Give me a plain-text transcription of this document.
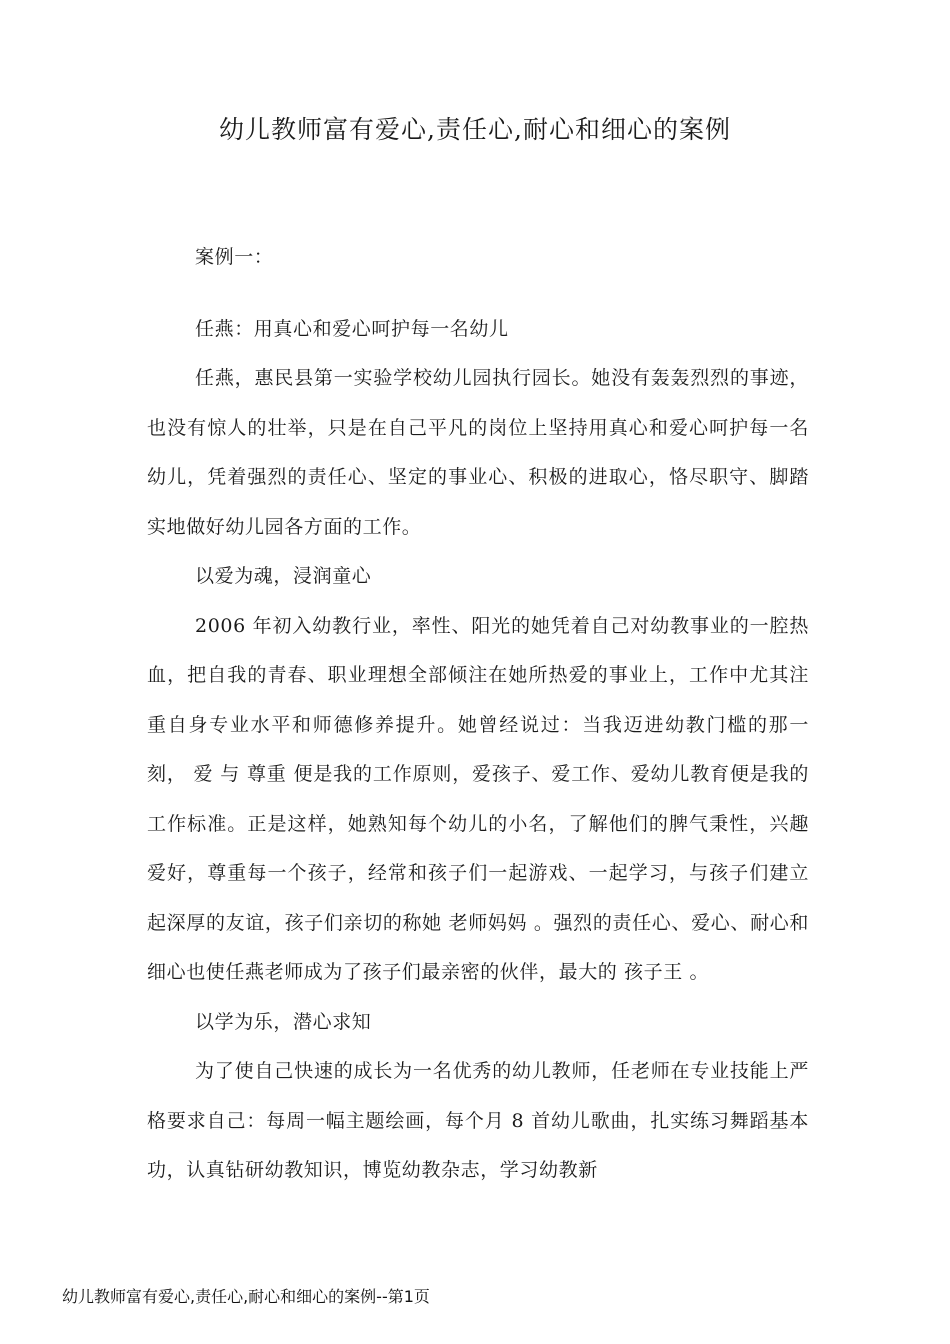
幼儿教师富有爱心,责任心,耐心和细心的案例

案例一：

任燕：用真心和爱心呵护每一名幼儿

任燕，惠民县第一实验学校幼儿园执行园长。她没有轰轰烈烈的事迹，也没有惊人的壮举，只是在自己平凡的岗位上坚持用真心和爱心呵护每一名幼儿，凭着强烈的责任心、坚定的事业心、积极的进取心，恪尽职守、脚踏实地做好幼儿园各方面的工作。

以爱为魂，浸润童心

2006 年初入幼教行业，率性、阳光的她凭着自己对幼教事业的一腔热血，把自我的青春、职业理想全部倾注在她所热爱的事业上，工作中尤其注重自身专业水平和师德修养提升。她曾经说过：当我迈进幼教门槛的那一刻， 爱 与 尊重 便是我的工作原则，爱孩子、爱工作、爱幼儿教育便是我的工作标准。正是这样，她熟知每个幼儿的小名，了解他们的脾气秉性，兴趣爱好，尊重每一个孩子，经常和孩子们一起游戏、一起学习，与孩子们建立起深厚的友谊，孩子们亲切的称她 老师妈妈 。强烈的责任心、爱心、耐心和细心也使任燕老师成为了孩子们最亲密的伙伴，最大的 孩子王 。

以学为乐，潜心求知

为了使自己快速的成长为一名优秀的幼儿教师，任老师在专业技能上严格要求自己：每周一幅主题绘画，每个月 8 首幼儿歌曲，扎实练习舞蹈基本功，认真钻研幼教知识，博览幼教杂志，学习幼教新

幼儿教师富有爱心,责任心,耐心和细心的案例--第1页
